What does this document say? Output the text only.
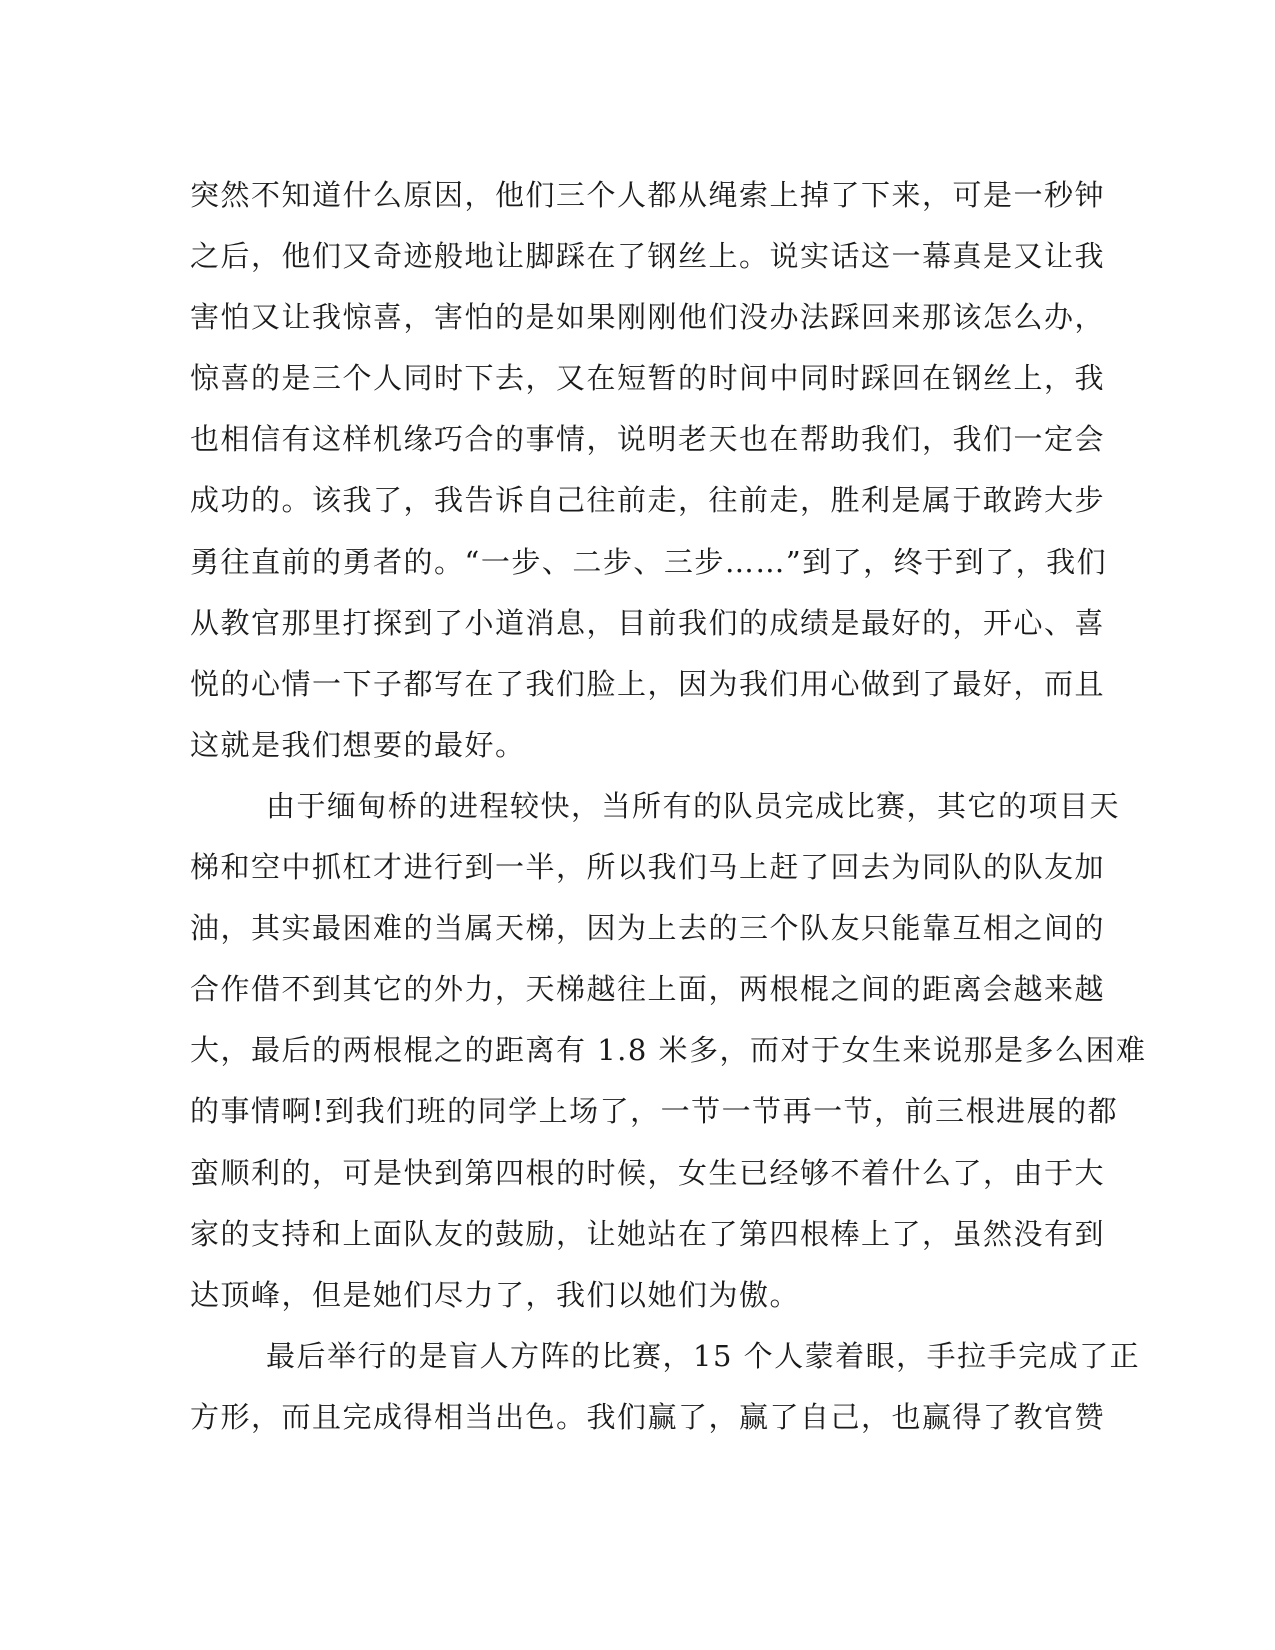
突然不知道什么原因，他们三个人都从绳索上掉了下来，可是一秒钟
之后，他们又奇迹般地让脚踩在了钢丝上。说实话这一幕真是又让我
害怕又让我惊喜，害怕的是如果刚刚他们没办法踩回来那该怎么办，
惊喜的是三个人同时下去，又在短暂的时间中同时踩回在钢丝上，我
也相信有这样机缘巧合的事情，说明老天也在帮助我们，我们一定会
成功的。该我了，我告诉自己往前走，往前走，胜利是属于敢跨大步
勇往直前的勇者的。“一步、二步、三步……”到了，终于到了，我们
从教官那里打探到了小道消息，目前我们的成绩是最好的，开心、喜
悦的心情一下子都写在了我们脸上，因为我们用心做到了最好，而且
这就是我们想要的最好。
由于缅甸桥的进程较快，当所有的队员完成比赛，其它的项目天
梯和空中抓杠才进行到一半，所以我们马上赶了回去为同队的队友加
油，其实最困难的当属天梯，因为上去的三个队友只能靠互相之间的
合作借不到其它的外力，天梯越往上面，两根棍之间的距离会越来越
大，最后的两根棍之的距离有 1.8 米多，而对于女生来说那是多么困难
的事情啊!到我们班的同学上场了，一节一节再一节，前三根进展的都
蛮顺利的，可是快到第四根的时候，女生已经够不着什么了，由于大
家的支持和上面队友的鼓励，让她站在了第四根棒上了，虽然没有到
达顶峰，但是她们尽力了，我们以她们为傲。
最后举行的是盲人方阵的比赛，15 个人蒙着眼，手拉手完成了正
方形，而且完成得相当出色。我们赢了，赢了自己，也赢得了教官赞
